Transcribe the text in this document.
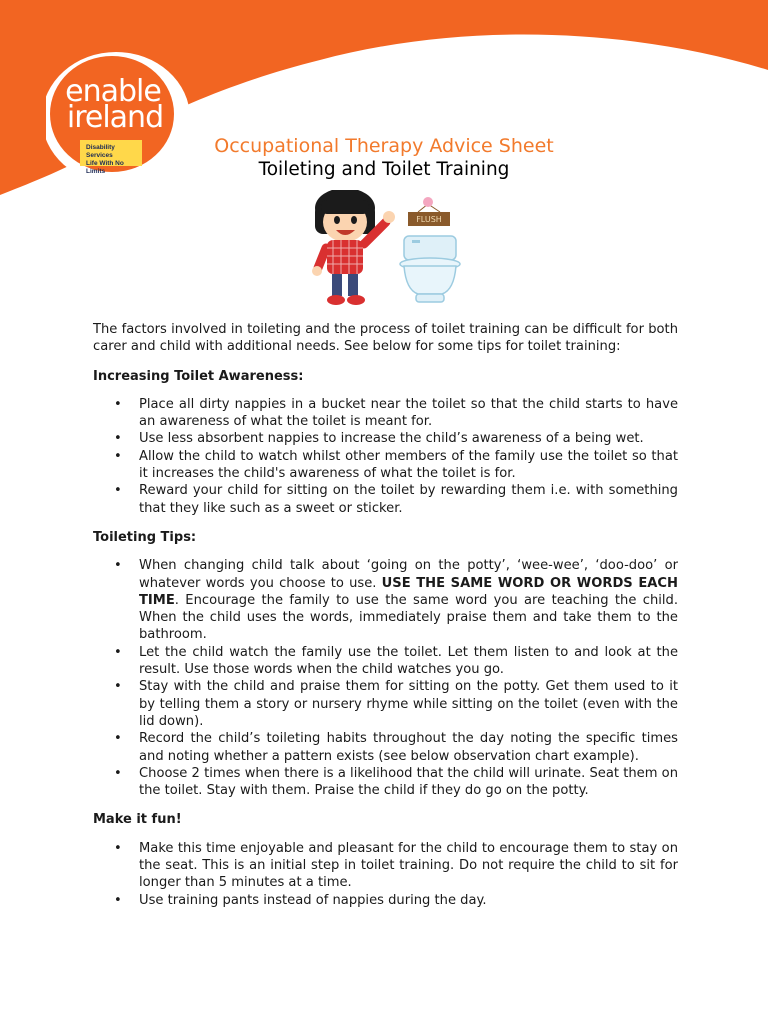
enable
ireland
Disability Services
Life With No Limits
Occupational Therapy Advice Sheet
Toileting and Toilet Training
FLUSH

The factors involved in toileting and the process of toilet training can be difficult for both carer and child with additional needs. See below for some tips for toilet training:

Increasing Toilet Awareness:
• Place all dirty nappies in a bucket near the toilet so that the child starts to have an awareness of what the toilet is meant for.
• Use less absorbent nappies to increase the child’s awareness of a being wet.
• Allow the child to watch whilst other members of the family use the toilet so that it increases the child's awareness of what the toilet is for.
• Reward your child for sitting on the toilet by rewarding them i.e. with something that they like such as a sweet or sticker.
Toileting Tips:
• When changing child talk about ‘going on the potty’, ‘wee-wee’, ‘doo-doo’ or whatever words you choose to use. USE THE SAME WORD OR WORDS EACH TIME. Encourage the family to use the same word you are teaching the child. When the child uses the words, immediately praise them and take them to the bathroom.
• Let the child watch the family use the toilet. Let them listen to and look at the result. Use those words when the child watches you go.
• Stay with the child and praise them for sitting on the potty. Get them used to it by telling them a story or nursery rhyme while sitting on the toilet (even with the lid down).
• Record the child’s toileting habits throughout the day noting the specific times and noting whether a pattern exists (see below observation chart example).
• Choose 2 times when there is a likelihood that the child will urinate. Seat them on the toilet. Stay with them. Praise the child if they do go on the potty.
Make it fun!
• Make this time enjoyable and pleasant for the child to encourage them to stay on the seat. This is an initial step in toilet training. Do not require the child to sit for longer than 5 minutes at a time.
• Use training pants instead of nappies during the day.
